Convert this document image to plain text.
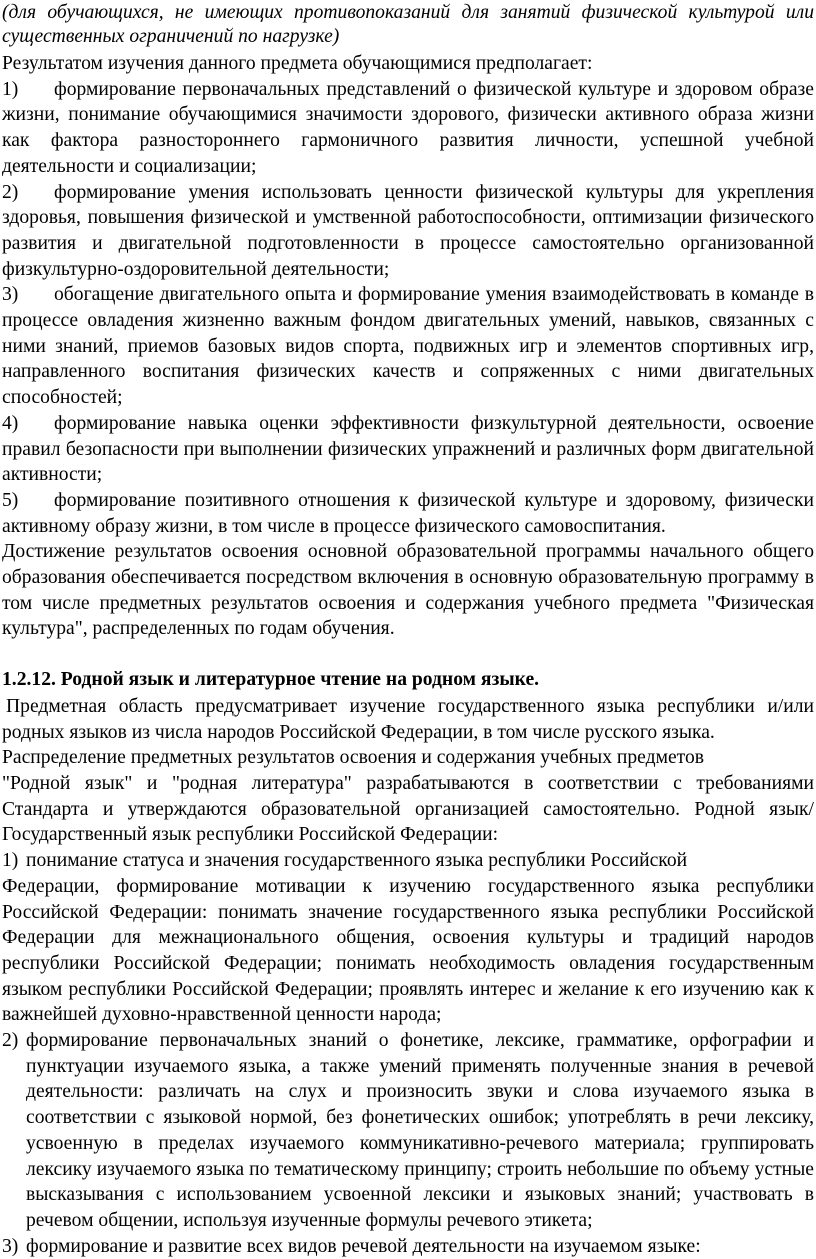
(для обучающихся, не имеющих противопоказаний для занятий физической культурой или существенных ограничений по нагрузке)

Результатом изучения данного предмета обучающимися предполагает:

1) формирование первоначальных представлений о физической культуре и здоровом образе жизни, понимание обучающимися значимости здорового, физически активного образа жизни как фактора разностороннего гармоничного развития личности, успешной учебной деятельности и социализации;

2) формирование умения использовать ценности физической культуры для укрепления здоровья, повышения физической и умственной работоспособности, оптимизации физического развития и двигательной подготовленности в процессе самостоятельно организованной физкультурно-оздоровительной деятельности;

3) обогащение двигательного опыта и формирование умения взаимодействовать в команде в процессе овладения жизненно важным фондом двигательных умений, навыков, связанных с ними знаний, приемов базовых видов спорта, подвижных игр и элементов спортивных игр, направленного воспитания физических качеств и сопряженных с ними двигательных способностей;

4) формирование навыка оценки эффективности физкультурной деятельности, освоение правил безопасности при выполнении физических упражнений и различных форм двигательной активности;

5) формирование позитивного отношения к физической культуре и здоровому, физически активному образу жизни, в том числе в процессе физического самовоспитания.

Достижение результатов освоения основной образовательной программы начального общего образования обеспечивается посредством включения в основную образовательную программу в том числе предметных результатов освоения и содержания учебного предмета "Физическая культура", распределенных по годам обучения.

1.2.12. Родной язык и литературное чтение на родном языке.

Предметная область предусматривает изучение государственного языка республики и/или родных языков из числа народов Российской Федерации, в том числе русского языка.

Распределение предметных результатов освоения и содержания учебных предметов

"Родной язык" и "родная литература" разрабатываются в соответствии с требованиями Стандарта и утверждаются образовательной организацией самостоятельно. Родной язык/Государственный язык республики Российской Федерации:

1) понимание статуса и значения государственного языка республики Российской

Федерации, формирование мотивации к изучению государственного языка республики Российской Федерации: понимать значение государственного языка республики Российской Федерации для межнационального общения, освоения культуры и традиций народов республики Российской Федерации; понимать необходимость овладения государственным языком республики Российской Федерации; проявлять интерес и желание к его изучению как к важнейшей духовно-нравственной ценности народа;

2) формирование первоначальных знаний о фонетике, лексике, грамматике, орфографии и пунктуации изучаемого языка, а также умений применять полученные знания в речевой деятельности: различать на слух и произносить звуки и слова изучаемого языка в соответствии с языковой нормой, без фонетических ошибок; употреблять в речи лексику, усвоенную в пределах изучаемого коммуникативно-речевого материала; группировать лексику изучаемого языка по тематическому принципу; строить небольшие по объему устные высказывания с использованием усвоенной лексики и языковых знаний; участвовать в речевом общении, используя изученные формулы речевого этикета;

3) формирование и развитие всех видов речевой деятельности на изучаемом языке:
